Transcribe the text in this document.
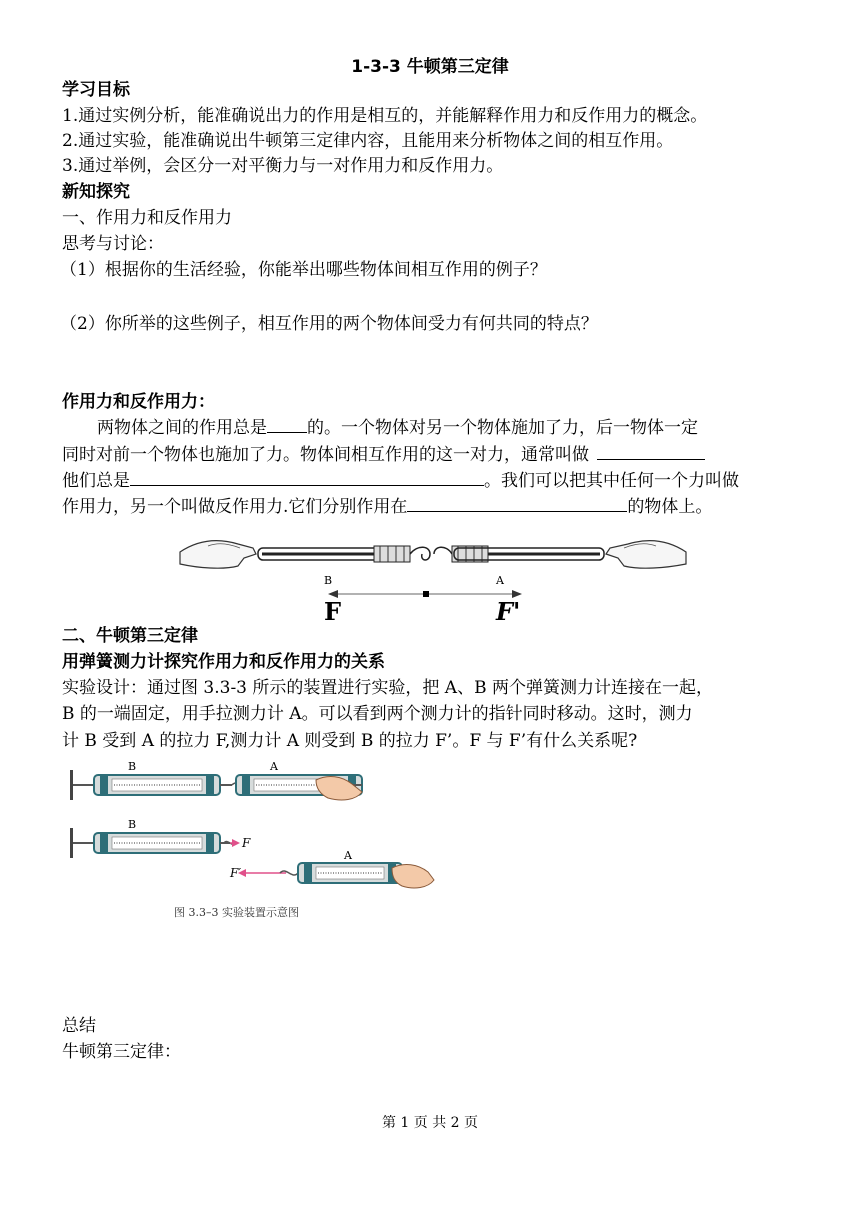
1-3-3 牛顿第三定律
学习目标
1.通过实例分析，能准确说出力的作用是相互的，并能解释作用力和反作用力的概念。
2.通过实验，能准确说出牛顿第三定律内容，且能用来分析物体之间的相互作用。
3.通过举例，会区分一对平衡力与一对作用力和反作用力。
新知探究
一、作用力和反作用力
思考与讨论：
（1）根据你的生活经验，你能举出哪些物体间相互作用的例子？
（2）你所举的这些例子，相互作用的两个物体间受力有何共同的特点？
作用力和反作用力：
两物体之间的作用总是 的。一个物体对另一个物体施加了力，后一物体一定
同时对前一个物体也施加了力。物体间相互作用的这一对力，通常叫做
他们总是	。我们可以把其中任何一个力叫做
作用力，另一个叫做反作用力.它们分别作用在	的物体上。
B	A
F	F'
二、牛顿第三定律
用弹簧测力计探究作用力和反作用力的关系
实验设计：通过图 3.3-3 所示的装置进行实验，把 A、B 两个弹簧测力计连接在一起，
B 的一端固定，用手拉测力计 A。可以看到两个测力计的指针同时移动。这时，测力
计 B 受到 A 的拉力 F,测力计 A 则受到 B 的拉力 F’。F 与 F’有什么关系呢?
B	A
B
F
F′
A
图 3.3–3 实验装置示意图
总结
牛顿第三定律：
第 1 页 共 2 页
